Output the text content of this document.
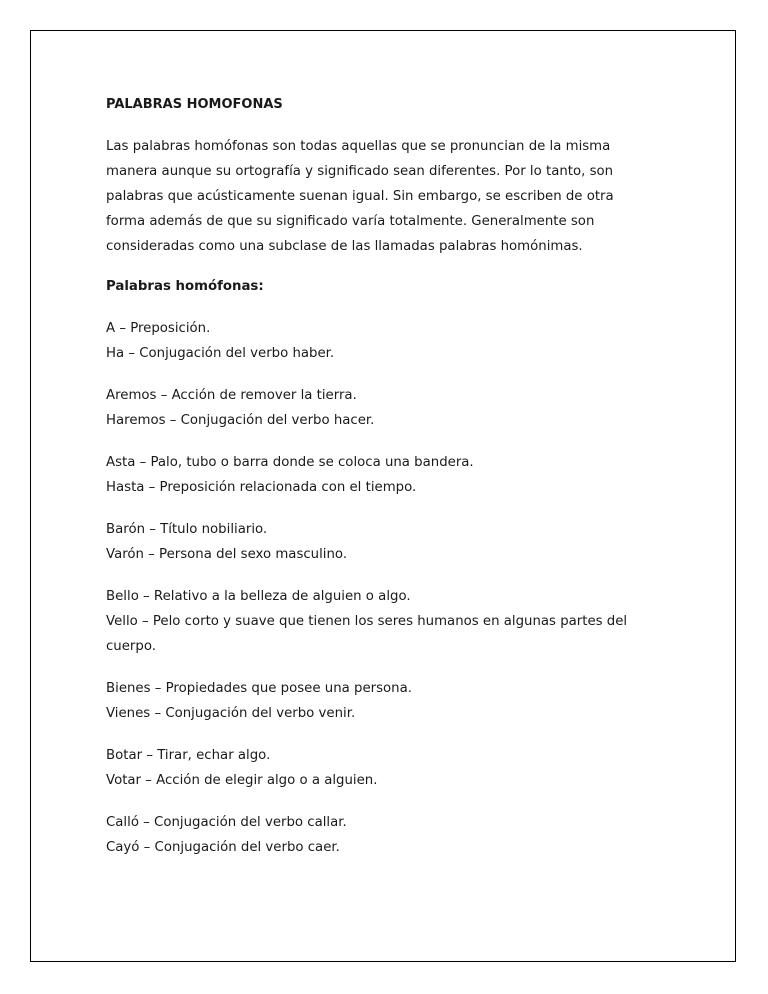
PALABRAS HOMOFONAS
Las palabras homófonas son todas aquellas que se pronuncian de la misma manera aunque su ortografía y significado sean diferentes. Por lo tanto, son palabras que acústicamente suenan igual. Sin embargo, se escriben de otra forma además de que su significado varía totalmente. Generalmente son consideradas como una subclase de las llamadas palabras homónimas.
Palabras homófonas:
A – Preposición.
Ha – Conjugación del verbo haber.
Aremos – Acción de remover la tierra.
Haremos – Conjugación del verbo hacer.
Asta – Palo, tubo o barra donde se coloca una bandera.
Hasta – Preposición relacionada con el tiempo.
Barón – Título nobiliario.
Varón – Persona del sexo masculino.
Bello – Relativo a la belleza de alguien o algo.
Vello – Pelo corto y suave que tienen los seres humanos en algunas partes del cuerpo.
Bienes – Propiedades que posee una persona.
Vienes – Conjugación del verbo venir.
Botar – Tirar, echar algo.
Votar – Acción de elegir algo o a alguien.
Calló – Conjugación del verbo callar.
Cayó – Conjugación del verbo caer.
